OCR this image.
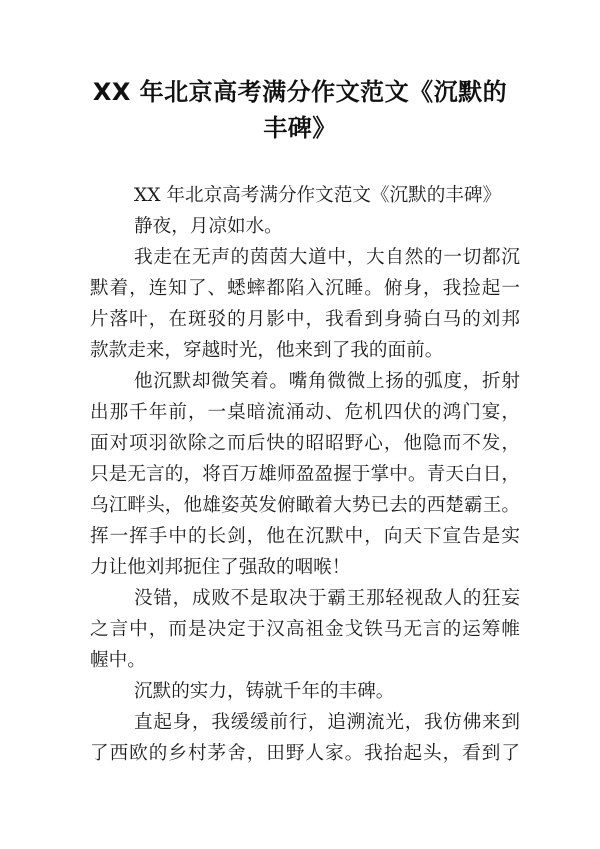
XX 年北京高考满分作文范文《沉默的
丰碑》

XX 年北京高考满分作文范文《沉默的丰碑》

静夜，月凉如水。

我走在无声的茵茵大道中，大自然的一切都沉
默着，连知了、蟋蟀都陷入沉睡。俯身，我捡起一
片落叶，在斑驳的月影中，我看到身骑白马的刘邦
款款走来，穿越时光，他来到了我的面前。

他沉默却微笑着。嘴角微微上扬的弧度，折射
出那千年前，一桌暗流涌动、危机四伏的鸿门宴，
面对项羽欲除之而后快的昭昭野心，他隐而不发，
只是无言的，将百万雄师盈盈握于掌中。青天白日，
乌江畔头，他雄姿英发俯瞰着大势已去的西楚霸王。
挥一挥手中的长剑，他在沉默中，向天下宣告是实
力让他刘邦扼住了强敌的咽喉！

没错，成败不是取决于霸王那轻视敌人的狂妄
之言中，而是决定于汉高祖金戈铁马无言的运筹帷
幄中。

沉默的实力，铸就千年的丰碑。

直起身，我缓缓前行，追溯流光，我仿佛来到
了西欧的乡村茅舍，田野人家。我抬起头，看到了
